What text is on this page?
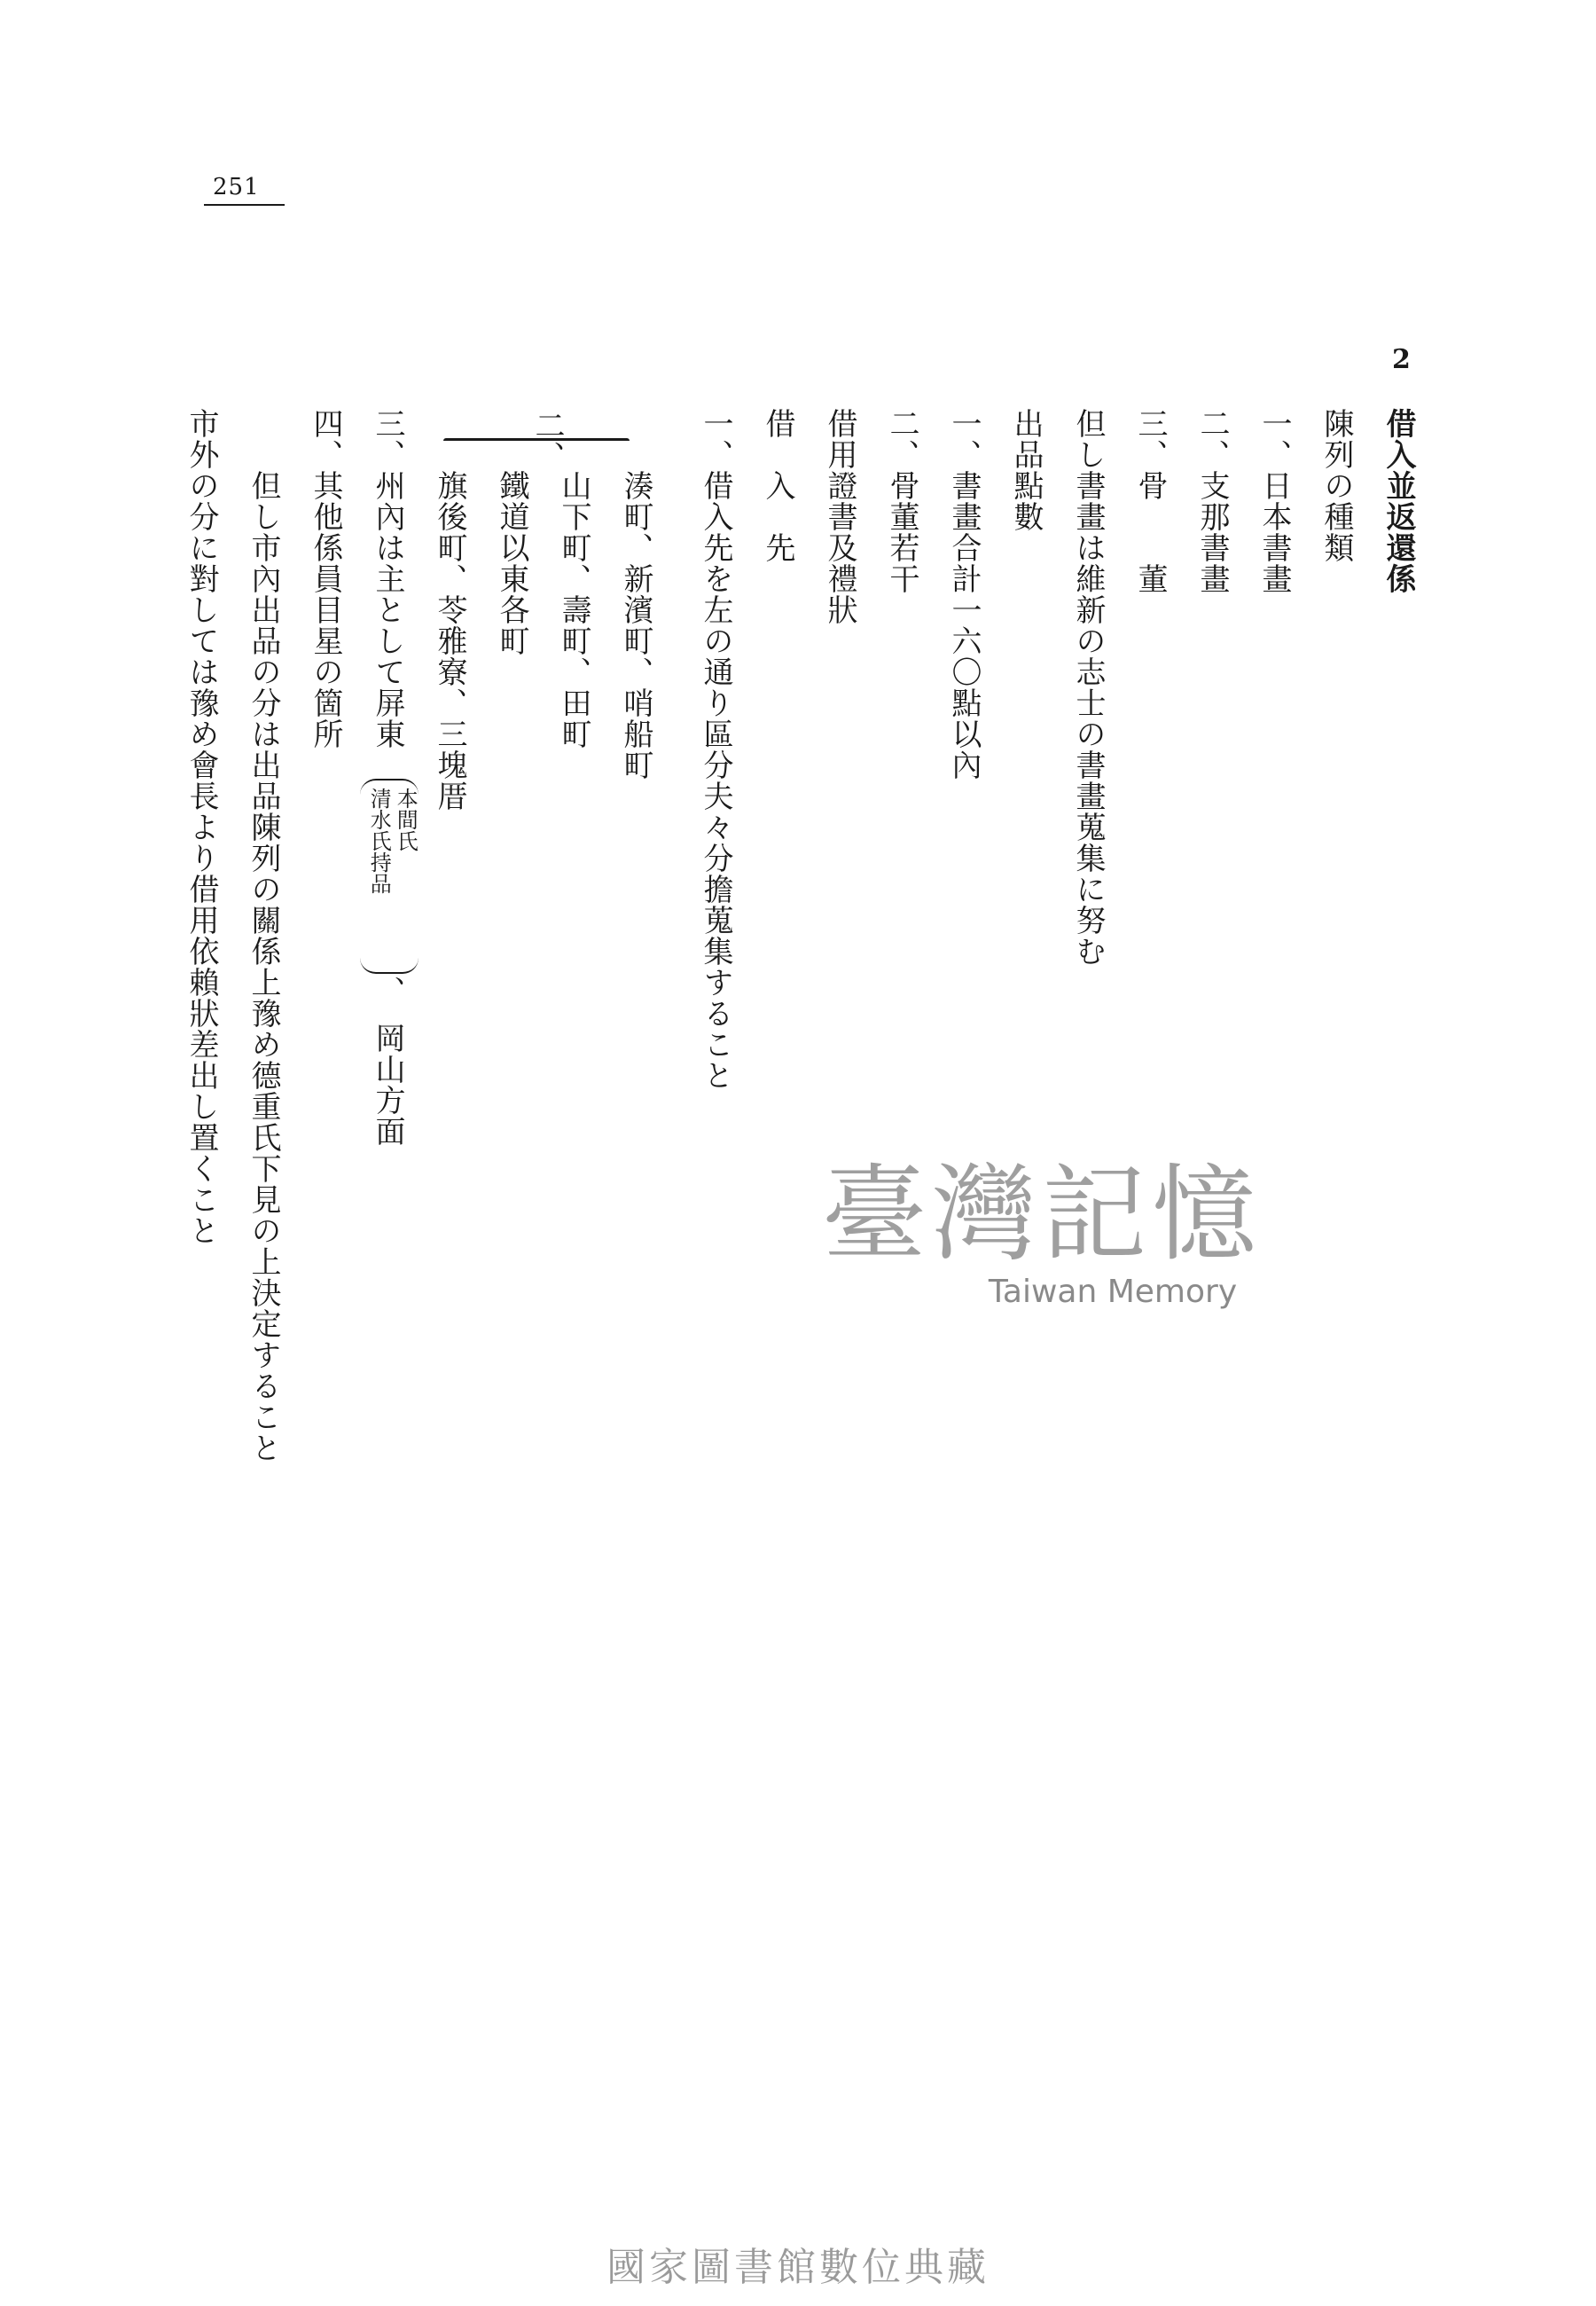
251
2
借入並返還係
陳列の種類
一、日本書畫
二、支那書畫
三、骨　　董
但し書畫は維新の志士の書畫蒐集に努む
出品點數
一、書畫合計一六〇點以內
二、骨董若干
借用證書及禮狀
借　入　先
一、借入先を左の通り區分夫々分擔蒐集すること
二、
湊町、新濱町、哨船町
山下町、壽町、田町
鐵道以東各町
旗後町、苓雅寮、三塊厝
三、州內は主として屏東
本間氏
清水氏持品
、　岡山方面
四、其他係員目星の箇所
但し市內出品の分は出品陳列の關係上豫め德重氏下見の上決定すること
市外の分に對しては豫め會長より借用依賴狀差出し置くこと	臺灣記憶
Taiwan Memory
國家圖書館數位典藏
